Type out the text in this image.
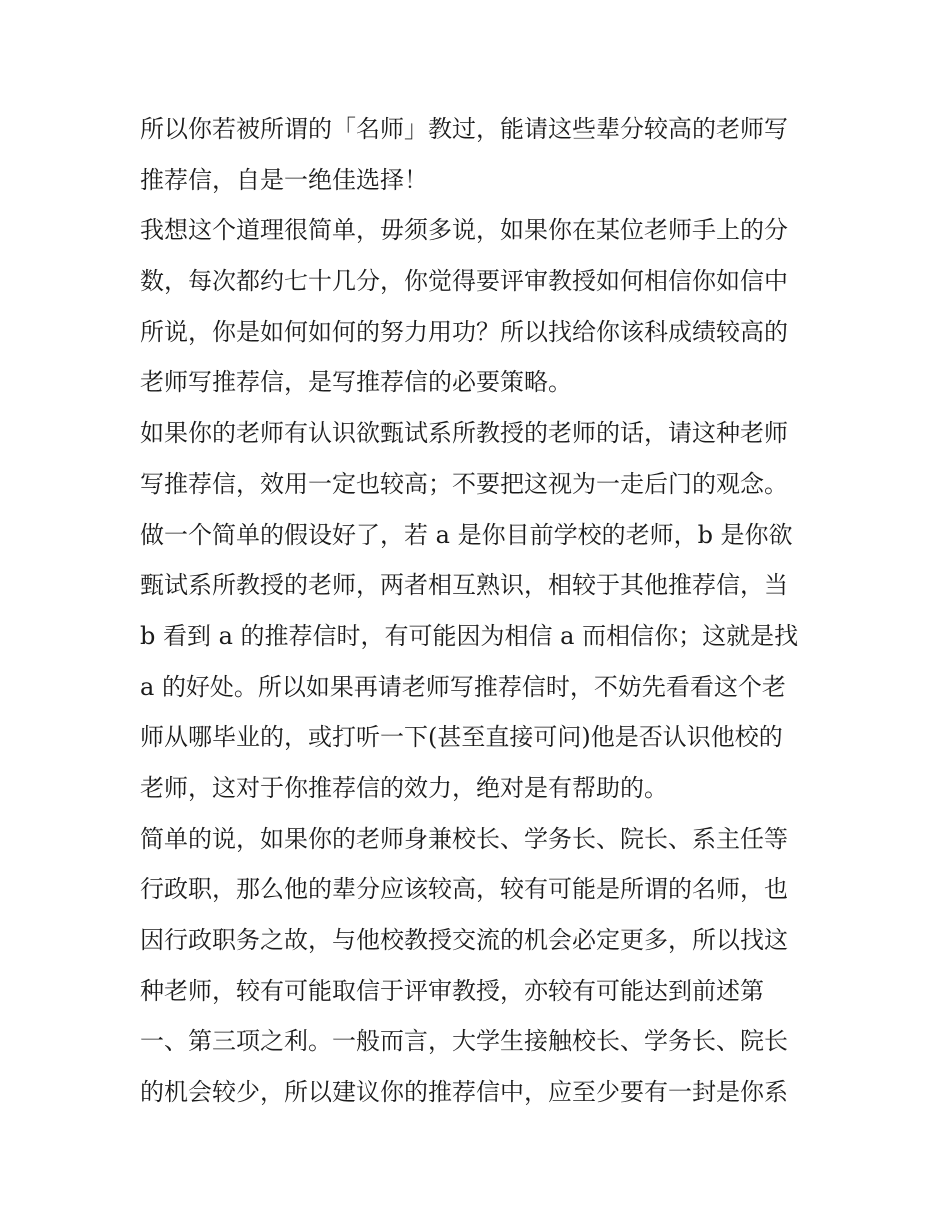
所以你若被所谓的「名师」教过，能请这些辈分较高的老师写
推荐信，自是一绝佳选择！
我想这个道理很简单，毋须多说，如果你在某位老师手上的分
数，每次都约七十几分，你觉得要评审教授如何相信你如信中
所说，你是如何如何的努力用功？所以找给你该科成绩较高的
老师写推荐信，是写推荐信的必要策略。
如果你的老师有认识欲甄试系所教授的老师的话，请这种老师
写推荐信，效用一定也较高；不要把这视为一走后门的观念。
做一个简单的假设好了，若 a 是你目前学校的老师，b 是你欲
甄试系所教授的老师，两者相互熟识，相较于其他推荐信，当
b 看到 a 的推荐信时，有可能因为相信 a 而相信你；这就是找
a 的好处。所以如果再请老师写推荐信时，不妨先看看这个老
师从哪毕业的，或打听一下(甚至直接可问)他是否认识他校的
老师，这对于你推荐信的效力，绝对是有帮助的。
简单的说，如果你的老师身兼校长、学务长、院长、系主任等
行政职，那么他的辈分应该较高，较有可能是所谓的名师，也
因行政职务之故，与他校教授交流的机会必定更多，所以找这
种老师，较有可能取信于评审教授，亦较有可能达到前述第
一、第三项之利。一般而言，大学生接触校长、学务长、院长
的机会较少，所以建议你的推荐信中，应至少要有一封是你系
